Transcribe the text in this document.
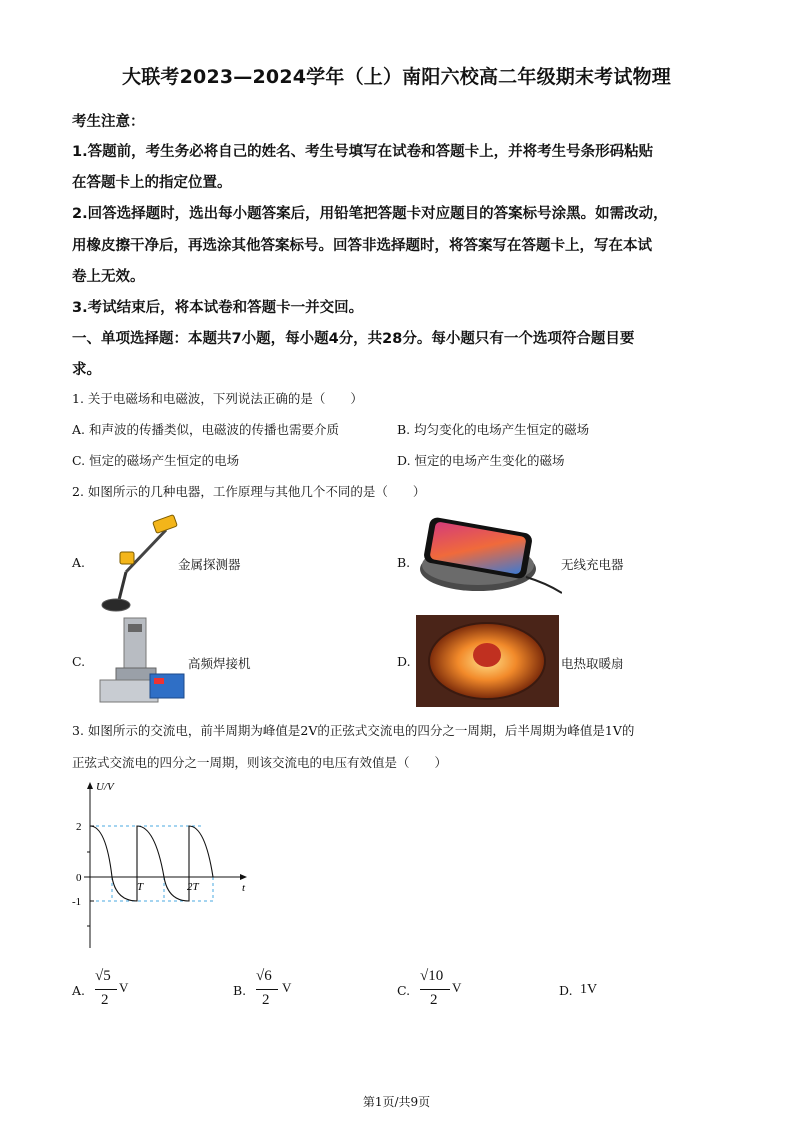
大联考2023—2024学年（上）南阳六校高二年级期末考试物理
考生注意：
1.答题前，考生务必将自己的姓名、考生号填写在试卷和答题卡上，并将考生号条形码粘贴
在答题卡上的指定位置。
2.回答选择题时，选出每小题答案后，用铅笔把答题卡对应题目的答案标号涂黑。如需改动，
用橡皮擦干净后，再选涂其他答案标号。回答非选择题时，将答案写在答题卡上，写在本试
卷上无效。
3.考试结束后，将本试卷和答题卡一并交回。
一、单项选择题：本题共7小题，每小题4分，共28分。每小题只有一个选项符合题目要
求。
1. 关于电磁场和电磁波，下列说法正确的是（　　）
A. 和声波的传播类似，电磁波的传播也需要介质	B. 均匀变化的电场产生恒定的磁场
C. 恒定的磁场产生恒定的电场	D. 恒定的电场产生变化的磁场
2. 如图所示的几种电器，工作原理与其他几个不同的是（　　）
A.	金属探测器	B.	无线充电器
C.	高频焊接机	D.	电热取暖扇
3. 如图所示的交流电，前半周期为峰值是2V的正弦式交流电的四分之一周期，后半周期为峰值是1V的
正弦式交流电的四分之一周期，则该交流电的电压有效值是（　　）
U/V
t
2
0
-1
T	2T
A.
√5
2
V	B.
√6
2
V	C.
√10
2
V	D. 1V
第1页/共9页
